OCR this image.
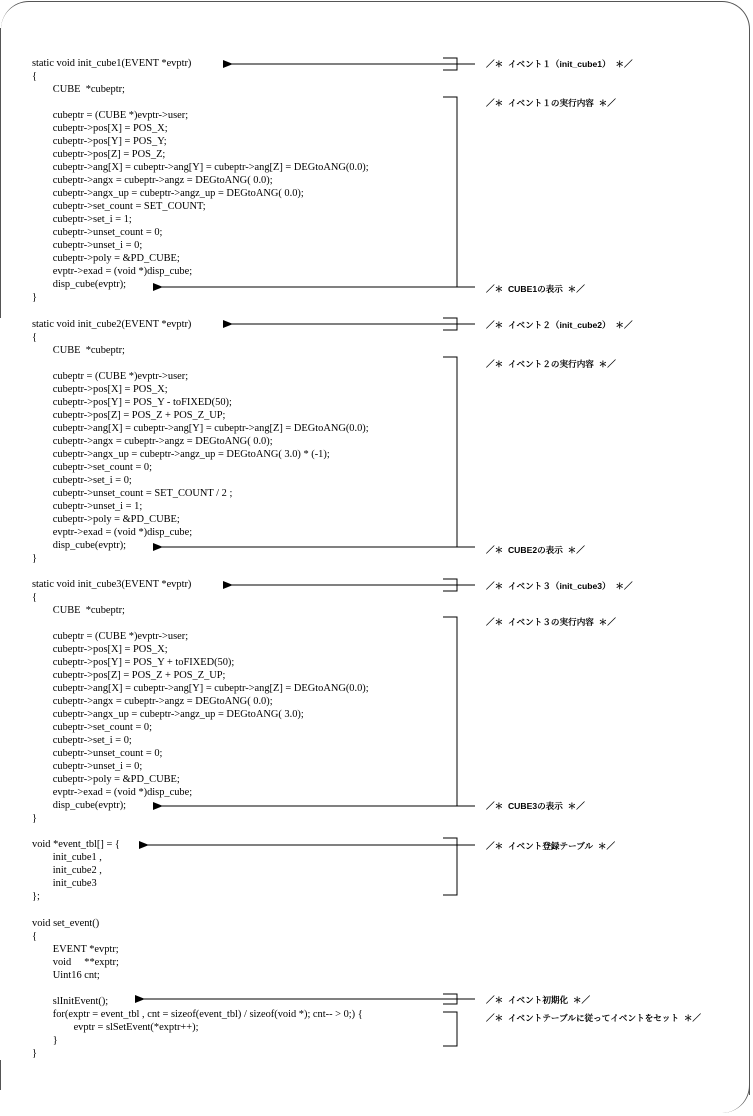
static void init_cube1(EVENT *evptr)
{
CUBE  *cubeptr;
cubeptr = (CUBE *)evptr->user;
cubeptr->pos[X] = POS_X;
cubeptr->pos[Y] = POS_Y;
cubeptr->pos[Z] = POS_Z;
cubeptr->ang[X] = cubeptr->ang[Y] = cubeptr->ang[Z] = DEGtoANG(0.0);
cubeptr->angx = cubeptr->angz = DEGtoANG( 0.0);
cubeptr->angx_up = cubeptr->angz_up = DEGtoANG( 0.0);
cubeptr->set_count = SET_COUNT;
cubeptr->set_i = 1;
cubeptr->unset_count = 0;
cubeptr->unset_i = 0;
cubeptr->poly = &PD_CUBE;
evptr->exad = (void *)disp_cube;
disp_cube(evptr);
}
static void init_cube2(EVENT *evptr)
{
CUBE  *cubeptr;
cubeptr = (CUBE *)evptr->user;
cubeptr->pos[X] = POS_X;
cubeptr->pos[Y] = POS_Y - toFIXED(50);
cubeptr->pos[Z] = POS_Z + POS_Z_UP;
cubeptr->ang[X] = cubeptr->ang[Y] = cubeptr->ang[Z] = DEGtoANG(0.0);
cubeptr->angx = cubeptr->angz = DEGtoANG( 0.0);
cubeptr->angx_up = cubeptr->angz_up = DEGtoANG( 3.0) * (-1);
cubeptr->set_count = 0;
cubeptr->set_i = 0;
cubeptr->unset_count = SET_COUNT / 2 ;
cubeptr->unset_i = 1;
cubeptr->poly = &PD_CUBE;
evptr->exad = (void *)disp_cube;
disp_cube(evptr);
}
static void init_cube3(EVENT *evptr)
{
CUBE  *cubeptr;
cubeptr = (CUBE *)evptr->user;
cubeptr->pos[X] = POS_X;
cubeptr->pos[Y] = POS_Y + toFIXED(50);
cubeptr->pos[Z] = POS_Z + POS_Z_UP;
cubeptr->ang[X] = cubeptr->ang[Y] = cubeptr->ang[Z] = DEGtoANG(0.0);
cubeptr->angx = cubeptr->angz = DEGtoANG( 0.0);
cubeptr->angx_up = cubeptr->angz_up = DEGtoANG( 3.0);
cubeptr->set_count = 0;
cubeptr->set_i = 0;
cubeptr->unset_count = 0;
cubeptr->unset_i = 0;
cubeptr->poly = &PD_CUBE;
evptr->exad = (void *)disp_cube;
disp_cube(evptr);
}
void *event_tbl[] = {
init_cube1 ,
init_cube2 ,
init_cube3
};
void set_event()
{
EVENT *evptr;
void     **exptr;
Uint16 cnt;
slInitEvent();
for(exptr = event_tbl , cnt = sizeof(event_tbl) / sizeof(void *); cnt-- > 0;) {
evptr = slSetEvent(*exptr++);
}
}
／＊  イベント１（init_cube1）  ＊／
／＊  イベント１の実行内容  ＊／
／＊  CUBE1の表示  ＊／
／＊  イベント２（init_cube2）  ＊／
／＊  イベント２の実行内容  ＊／
／＊  CUBE2の表示  ＊／
／＊  イベント３（init_cube3）  ＊／
／＊  イベント３の実行内容  ＊／
／＊  CUBE3の表示  ＊／
／＊  イベント登録テーブル  ＊／
／＊  イベント初期化  ＊／
／＊  イベントテーブルに従ってイベントをセット  ＊／
